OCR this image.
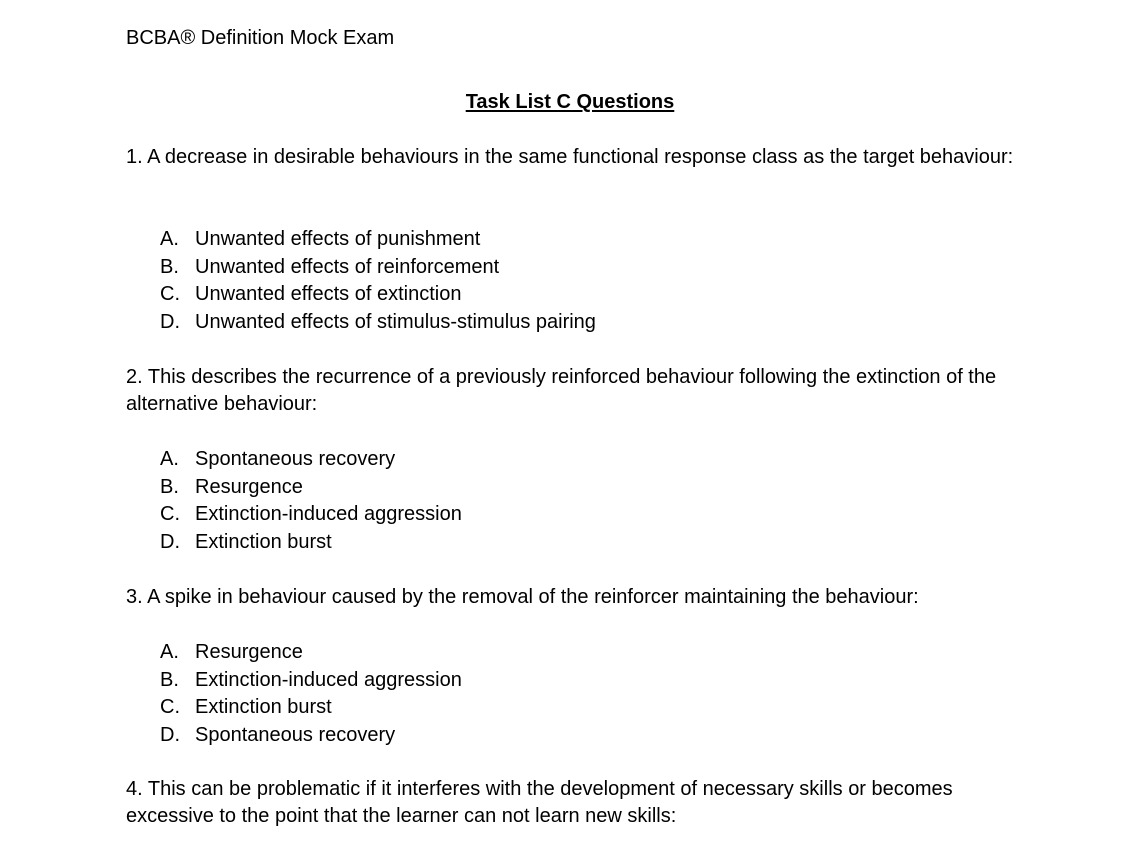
BCBA® Definition Mock Exam
Task List C Questions

1. A decrease in desirable behaviours in the same functional response class as the target behaviour:

A. Unwanted effects of punishment
B. Unwanted effects of reinforcement
C. Unwanted effects of extinction
D. Unwanted effects of stimulus-stimulus pairing

2. This describes the recurrence of a previously reinforced behaviour following the extinction of the alternative behaviour:

A. Spontaneous recovery
B. Resurgence
C. Extinction-induced aggression
D. Extinction burst

3. A spike in behaviour caused by the removal of the reinforcer maintaining the behaviour:

A. Resurgence
B. Extinction-induced aggression
C. Extinction burst
D. Spontaneous recovery

4. This can be problematic if it interferes with the development of necessary skills or becomes excessive to the point that the learner can not learn new skills:
